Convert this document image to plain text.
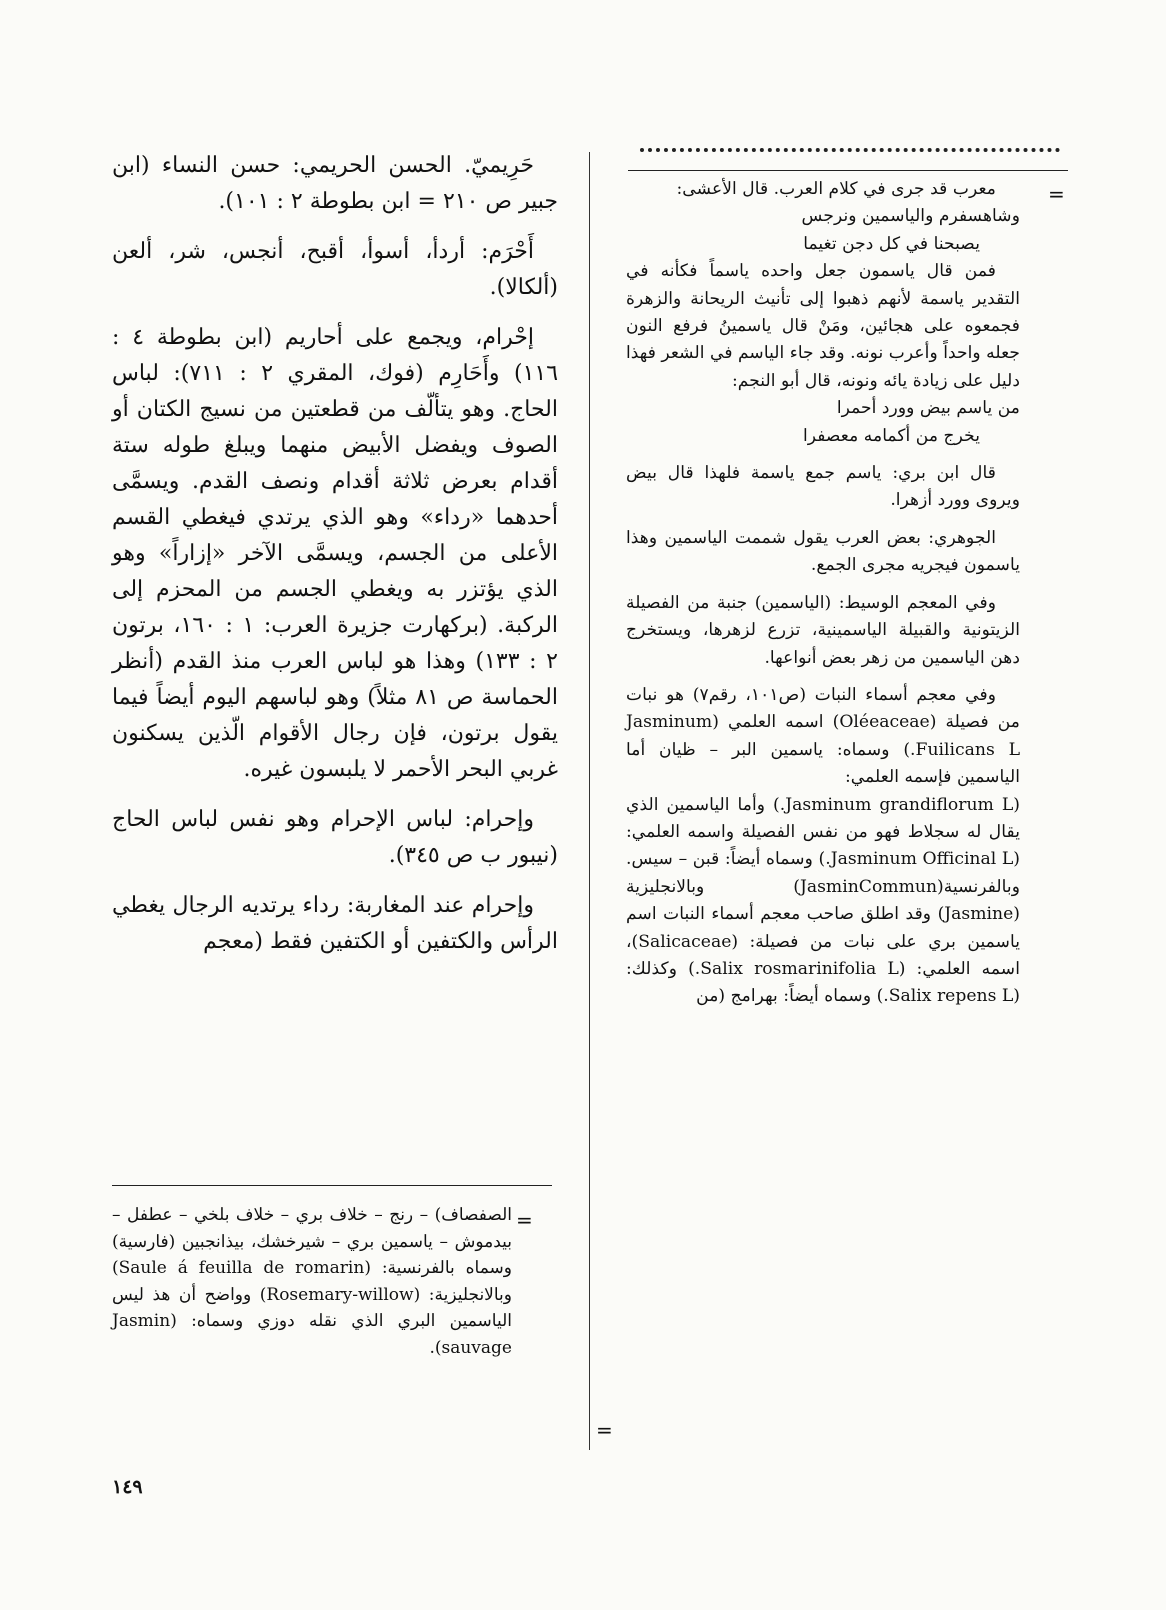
=

معرب قد جرى في كلام العرب. قال الأعشى:

وشاهسفرم والياسمين ونرجس

يصبحنا في كل دجن تغيما

فمن قال ياسمون جعل واحده ياسماً فكأنه في التقدير ياسمة لأنهم ذهبوا إلى تأنيث الريحانة والزهرة فجمعوه على هجائين، ومَنْ قال ياسمينُ فرفع النون جعله واحداً وأعرب نونه. وقد جاء الياسم في الشعر فهذا دليل على زيادة يائه ونونه، قال أبو النجم:

من ياسم بيض وورد أحمرا

يخرج من أكمامه معصفرا

قال ابن بري: ياسم جمع ياسمة فلهذا قال بيض ويروى وورد أزهرا.

الجوهري: بعض العرب يقول شممت الياسمين وهذا ياسمون فيجريه مجرى الجمع.

وفي المعجم الوسيط: (الياسمين) جنبة من الفصيلة الزيتونية والقبيلة الياسمينية، تزرع لزهرها، ويستخرج دهن الياسمين من زهر بعض أنواعها.

وفي معجم أسماء النبات (ص١٠١، رقم٧) هو نبات من فصيلة (Oléeaceae) اسمه العلمي (Jasminum Fuilicans L.) وسماه: ياسمين البر – ظيان أما الياسمين فإسمه العلمي:

(Jasminum grandiflorum L.) وأما الياسمين الذي يقال له سجلاط فهو من نفس الفصيلة واسمه العلمي: (Jasminum Officinal L.) وسماه أيضاً: قبن – سيس. وبالفرنسية(JasminCommun) وبالانجليزية (Jasmine) وقد اطلق صاحب معجم أسماء النبات اسم ياسمين بري على نبات من فصيلة: (Salicaceae)، اسمه العلمي: (Salix rosmarinifolia L.) وكذلك: (Salix repens L.) وسماه أيضاً: بهرامج (من

حَرِيميّ. الحسن الحريمي: حسن النساء (ابن جبير ص ٢١٠ = ابن بطوطة ٢ : ١٠١).

أَحْرَم: أردأ، أسوأ، أقبح، أنجس، شر، ألعن (ألكالا).

إحْرام، ويجمع على أحاريم (ابن بطوطة ٤ : ١١٦) وأَحَارِم (فوك، المقري ٢ : ٧١١): لباس الحاج. وهو يتألّف من قطعتين من نسيج الكتان أو الصوف ويفضل الأبيض منهما ويبلغ طوله ستة أقدام بعرض ثلاثة أقدام ونصف القدم. ويسمَّى أحدهما «رداء» وهو الذي يرتدي فيغطي القسم الأعلى من الجسم، ويسمَّى الآخر «إزاراً» وهو الذي يؤتزر به ويغطي الجسم من المحزم إلى الركبة. (بركهارت جزيرة العرب: ١ : ١٦٠، برتون ٢ : ١٣٣) وهذا هو لباس العرب منذ القدم (أنظر الحماسة ص ٨١ مثلاً) وهو لباسهم اليوم أيضاً فيما يقول برتون، فإن رجال الأقوام الّذين يسكنون غربي البحر الأحمر لا يلبسون غيره.

وإحرام: لباس الإحرام وهو نفس لباس الحاج (نيبور ب ص ٣٤٥).

وإحرام عند المغاربة: رداء يرتديه الرجال يغطي الرأس والكتفين أو الكتفين فقط (معجم

=

الصفصاف) – رنج – خلاف بري – خلاف بلخي – عطفل – بيدموش – ياسمين بري – شيرخشك، بيذانجبين (فارسية) وسماه بالفرنسية: (Saule á feuilla de romarin) وبالانجليزية: (Rosemary-willow) وواضح أن هذ ليس الياسمين البري الذي نقله دوزي وسماه: (Jasmin sauvage).

=
١٤٩
